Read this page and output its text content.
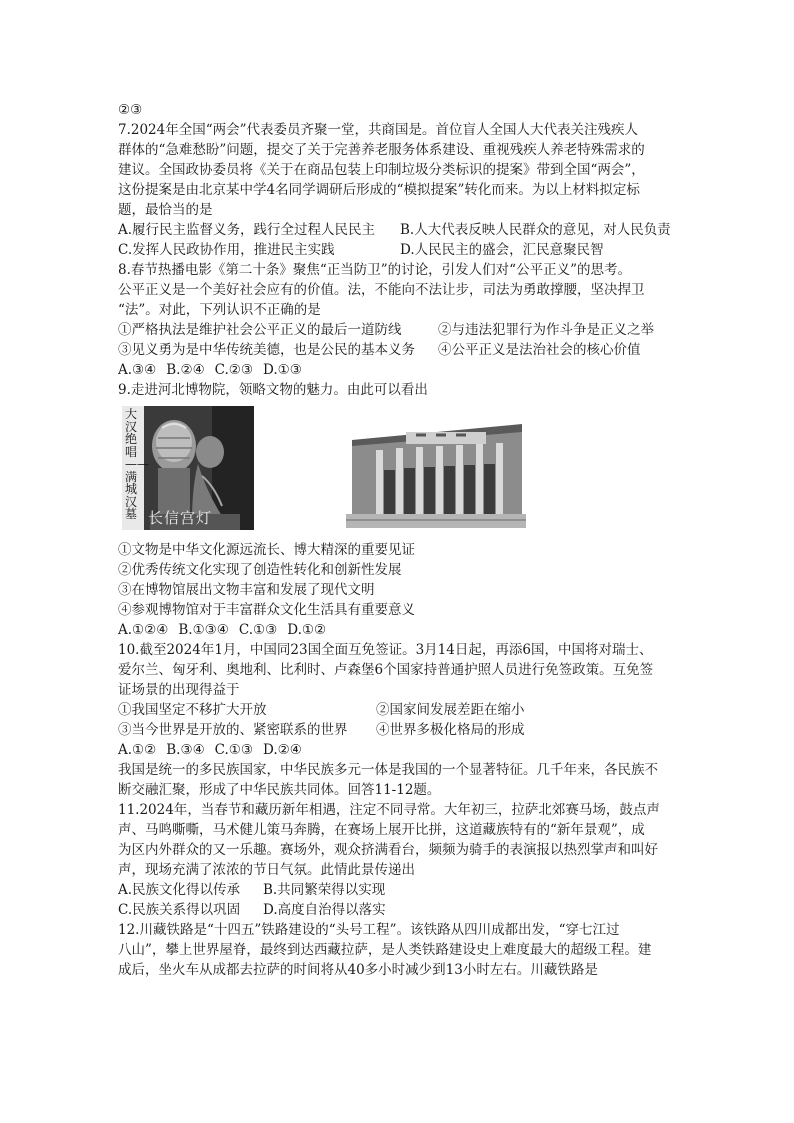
②③
7.2024年全国“两会”代表委员齐聚一堂，共商国是。首位盲人全国人大代表关注残疾人
群体的“急难愁盼”问题，提交了关于完善养老服务体系建设、重视残疾人养老特殊需求的
建议。全国政协委员将《关于在商品包装上印制垃圾分类标识的提案》带到全国“两会”，
这份提案是由北京某中学4名同学调研后形成的“模拟提案”转化而来。为以上材料拟定标
题，最恰当的是
A.履行民主监督义务，践行全过程人民民主	B.人大代表反映人民群众的意见，对人民负责
C.发挥人民政协作用，推进民主实践	D.人民民主的盛会，汇民意聚民智
8.春节热播电影《第二十条》聚焦“正当防卫”的讨论，引发人们对“公平正义”的思考。
公平正义是一个美好社会应有的价值。法，不能向不法让步，司法为勇敢撑腰，坚决捍卫
“法”。对此，下列认识不正确的是
①严格执法是维护社会公平正义的最后一道防线	②与违法犯罪行为作斗争是正义之举
③见义勇为是中华传统美德，也是公民的基本义务	④公平正义是法治社会的核心价值
A.③④ B.②④ C.②③ D.①③
9.走进河北博物院，领略文物的魅力。由此可以看出
大汉绝唱——满城汉墓 长信宫灯
①文物是中华文化源远流长、博大精深的重要见证
②优秀传统文化实现了创造性转化和创新性发展
③在博物馆展出文物丰富和发展了现代文明
④参观博物馆对于丰富群众文化生活具有重要意义
A.①②④ B.①③④ C.①③ D.①②
10.截至2024年1月，中国同23国全面互免签证。3月14日起，再添6国，中国将对瑞士、
爱尔兰、匈牙利、奥地利、比利时、卢森堡6个国家持普通护照人员进行免签政策。互免签
证场景的出现得益于
①我国坚定不移扩大开放	②国家间发展差距在缩小
③当今世界是开放的、紧密联系的世界	④世界多极化格局的形成
A.①② B.③④ C.①③ D.②④
我国是统一的多民族国家，中华民族多元一体是我国的一个显著特征。几千年来，各民族不
断交融汇聚，形成了中华民族共同体。回答11-12题。
11.2024年，当春节和藏历新年相遇，注定不同寻常。大年初三，拉萨北郊赛马场，鼓点声
声、马鸣嘶嘶，马术健儿策马奔腾，在赛场上展开比拼，这道藏族特有的“新年景观”，成
为区内外群众的又一乐趣。赛场外，观众挤满看台，频频为骑手的表演报以热烈掌声和叫好
声，现场充满了浓浓的节日气氛。此情此景传递出
A.民族文化得以传承	B.共同繁荣得以实现
C.民族关系得以巩固	D.高度自治得以落实
12.川藏铁路是“十四五”铁路建设的“头号工程”。该铁路从四川成都出发，“穿七江过
八山”，攀上世界屋脊，最终到达西藏拉萨，是人类铁路建设史上难度最大的超级工程。建
成后，坐火车从成都去拉萨的时间将从40多小时减少到13小时左右。川藏铁路是
